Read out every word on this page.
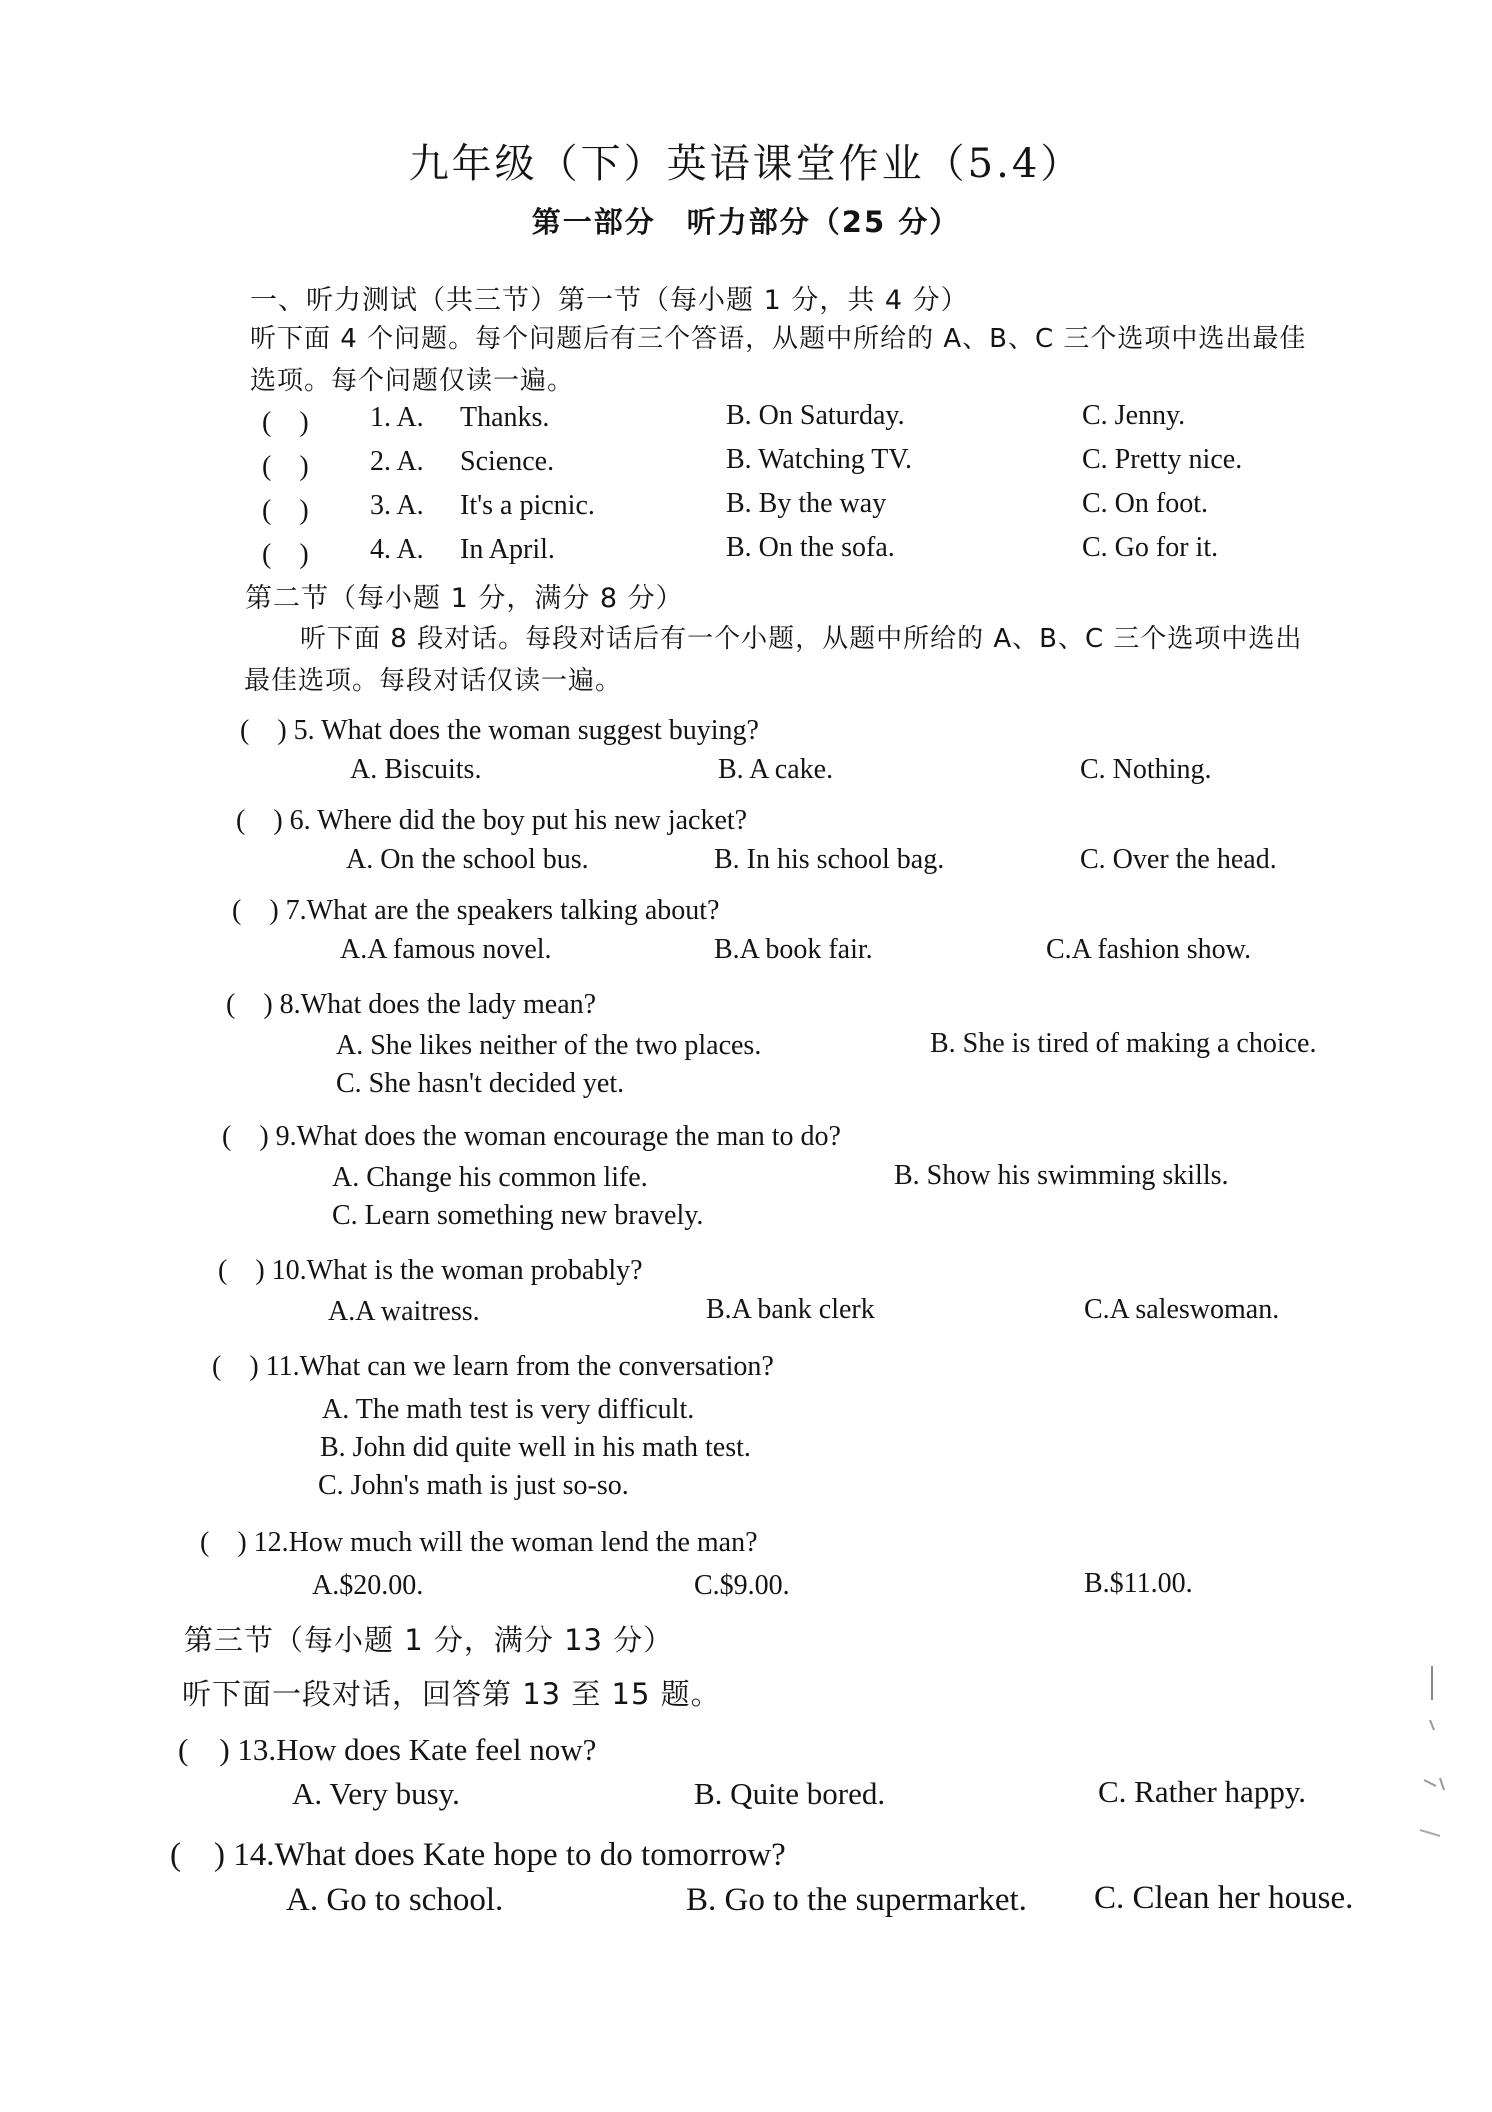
九年级（下）英语课堂作业（5.4）
第一部分　听力部分（25 分）
一、听力测试（共三节）第一节（每小题 1 分，共 4 分）
听下面 4 个问题。每个问题后有三个答语，从题中所给的 A、B、C 三个选项中选出最佳
选项。每个问题仅读一遍。
(　) 1. A. Thanks.	B. On Saturday.	C. Jenny.
(　) 2. A. Science.	B. Watching TV.	C. Pretty nice.
(　) 3. A. It's a picnic.	B. By the way	C. On foot.
(　) 4. A. In April.	B. On the sofa.	C. Go for it.
第二节（每小题 1 分，满分 8 分）
听下面 8 段对话。每段对话后有一个小题，从题中所给的 A、B、C 三个选项中选出
最佳选项。每段对话仅读一遍。
(　) 5. What does the woman suggest buying?
A. Biscuits.	B. A cake.	C. Nothing.
(　) 6. Where did the boy put his new jacket?
A. On the school bus.	B. In his school bag.	C. Over the head.
(　) 7.What are the speakers talking about?
A.A famous novel.	B.A book fair.	C.A fashion show.
(　) 8.What does the lady mean?
A. She likes neither of the two places.	B. She is tired of making a choice.
C. She hasn't decided yet.
(　) 9.What does the woman encourage the man to do?
A. Change his common life.	B. Show his swimming skills.
C. Learn something new bravely.
(　) 10.What is the woman probably?
A.A waitress.	B.A bank clerk	C.A saleswoman.
(　) 11.What can we learn from the conversation?
A. The math test is very difficult.
B. John did quite well in his math test.
C. John's math is just so-so.
(　) 12.How much will the woman lend the man?
A.$20.00.	C.$9.00.	B.$11.00.
第三节（每小题 1 分，满分 13 分）
听下面一段对话，回答第 13 至 15 题。
(　) 13.How does Kate feel now?
A. Very busy.	B. Quite bored.	C. Rather happy.
(　) 14.What does Kate hope to do tomorrow?
A. Go to school.	B. Go to the supermarket. C. Clean her house.
